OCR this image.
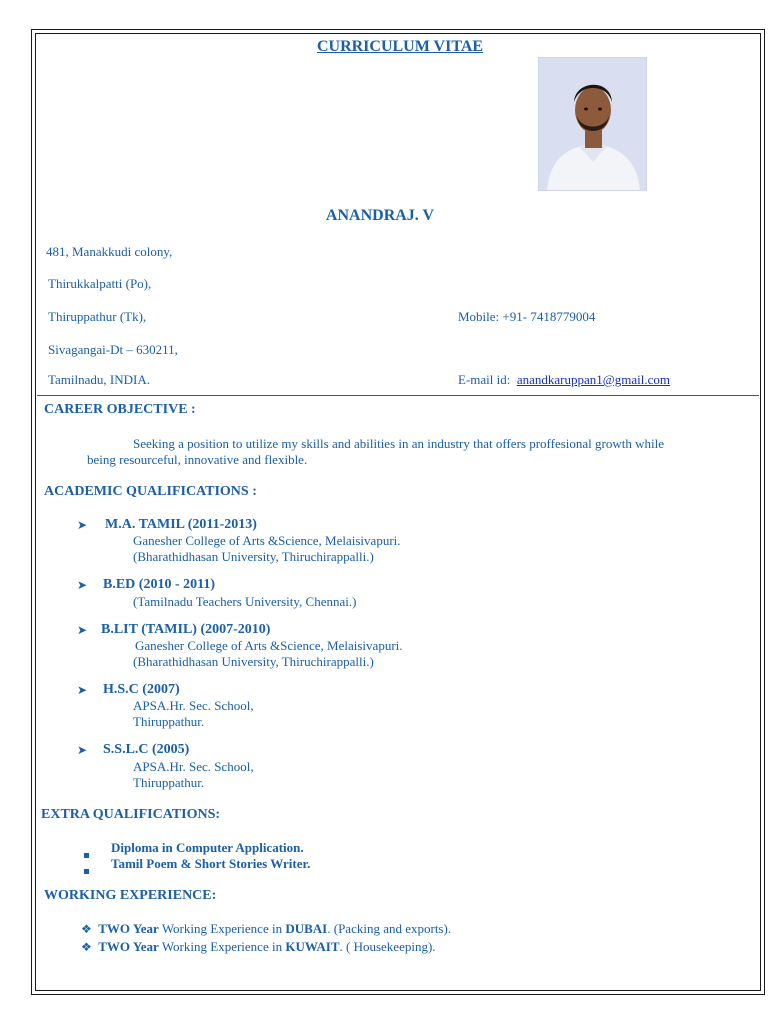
CURRICULUM VITAE
ANANDRAJ. V
481, Manakkudi colony,
Thirukkalpatti (Po),
Thiruppathur (Tk),
Sivagangai-Dt – 630211,
Tamilnadu, INDIA.
Mobile: +91- 7418779004
E-mail id: anandkaruppan1@gmail.com
CAREER OBJECTIVE :
Seeking a position to utilize my skills and abilities in an industry that offers proffesional growth while
being resourceful, innovative and flexible.
ACADEMIC QUALIFICATIONS :
➤ M.A. TAMIL (2011-2013)
Ganesher College of Arts &Science, Melaisivapuri.
(Bharathidhasan University, Thiruchirappalli.)
➤ B.ED (2010 - 2011)
(Tamilnadu Teachers University, Chennai.)
➤ B.LIT (TAMIL) (2007-2010)
Ganesher College of Arts &Science, Melaisivapuri.
(Bharathidhasan University, Thiruchirappalli.)
➤ H.S.C (2007)
APSA.Hr. Sec. School,
Thiruppathur.
➤ S.S.L.C (2005)
APSA.Hr. Sec. School,
Thiruppathur.
EXTRA QUALIFICATIONS:
Diploma in Computer Application.
Tamil Poem & Short Stories Writer.
WORKING EXPERIENCE:
❖ TWO Year Working Experience in DUBAI. (Packing and exports).
❖ TWO Year Working Experience in KUWAIT. ( Housekeeping).
